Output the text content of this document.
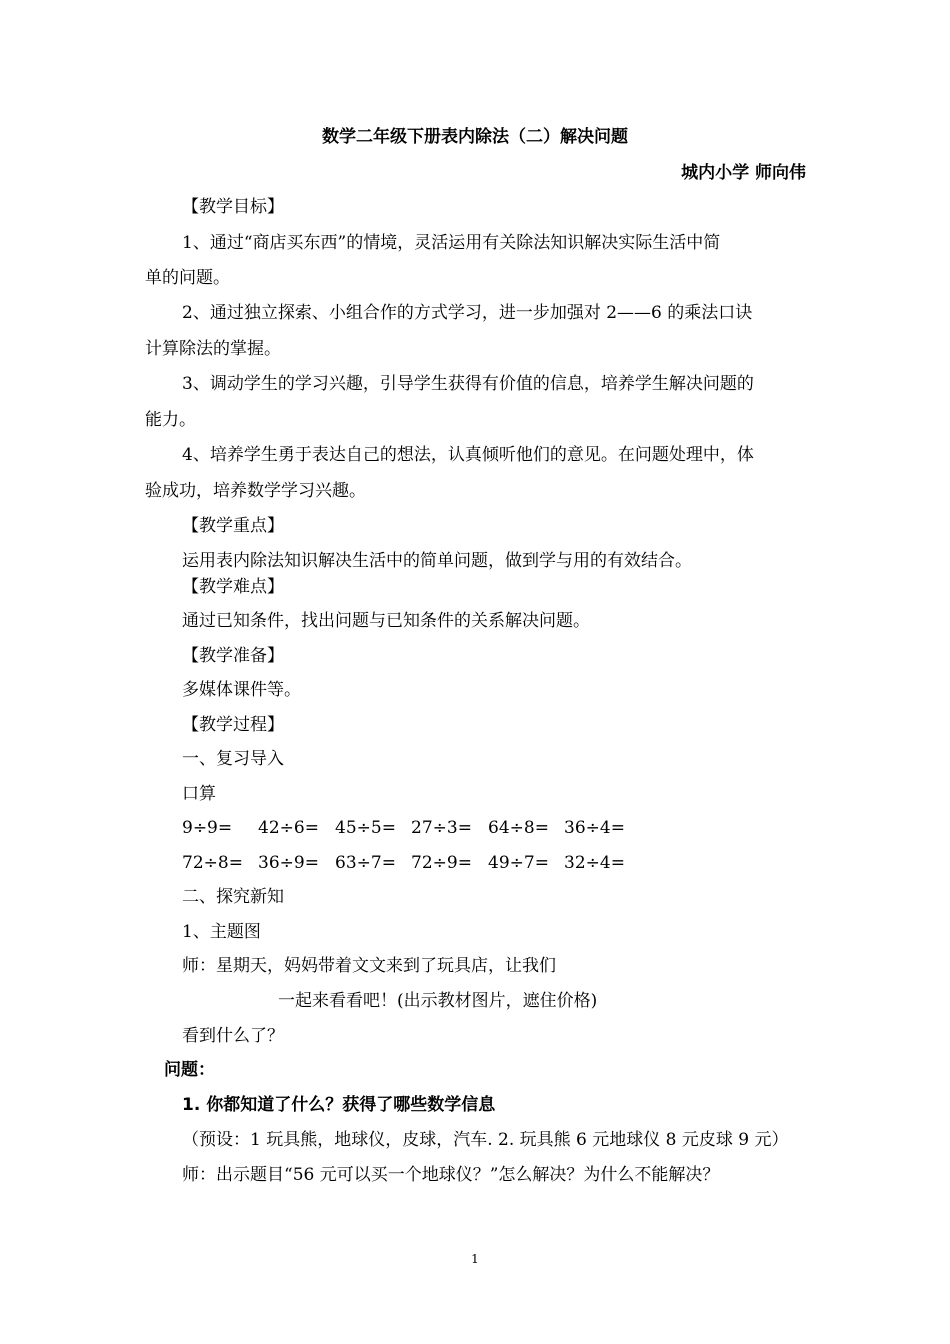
数学二年级下册表内除法（二）解决问题
城内小学 师向伟
【教学目标】
1、通过“商店买东西”的情境，灵活运用有关除法知识解决实际生活中简
单的问题。
2、通过独立探索、小组合作的方式学习，进一步加强对 2——6 的乘法口诀
计算除法的掌握。
3、调动学生的学习兴趣，引导学生获得有价值的信息，培养学生解决问题的
能力。
4、培养学生勇于表达自己的想法，认真倾听他们的意见。在问题处理中，体
验成功，培养数学学习兴趣。
【教学重点】
运用表内除法知识解决生活中的简单问题，做到学与用的有效结合。
【教学难点】
通过已知条件，找出问题与已知条件的关系解决问题。
【教学准备】
多媒体课件等。
【教学过程】
一、复习导入
口算
9÷9= 42÷6= 45÷5= 27÷3= 64÷8= 36÷4=
72÷8= 36÷9= 63÷7= 72÷9= 49÷7= 32÷4=
二、探究新知
1、主题图
师：星期天，妈妈带着文文来到了玩具店，让我们
一起来看看吧！(出示教材图片，遮住价格)
看到什么了？
问题：
1. 你都知道了什么？获得了哪些数学信息
（预设：1 玩具熊，地球仪，皮球，汽车. 2. 玩具熊 6 元地球仪 8 元皮球 9 元）
师：出示题目“56 元可以买一个地球仪？”怎么解决？为什么不能解决？
1
